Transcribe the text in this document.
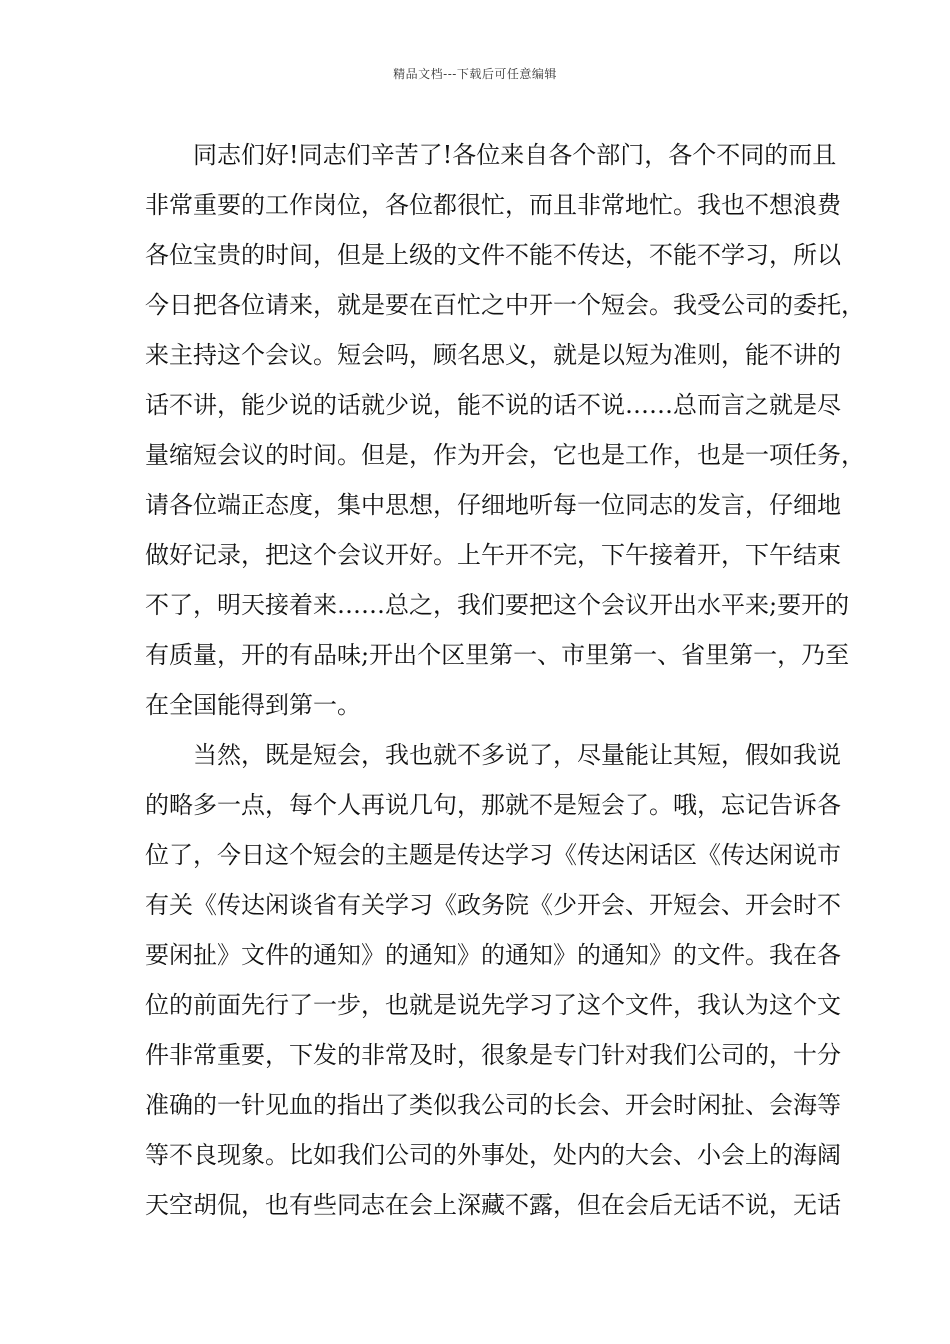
精品文档---下载后可任意编辑
同志们好!同志们辛苦了!各位来自各个部门，各个不同的而且
非常重要的工作岗位，各位都很忙，而且非常地忙。我也不想浪费
各位宝贵的时间，但是上级的文件不能不传达，不能不学习，所以
今日把各位请来，就是要在百忙之中开一个短会。我受公司的委托，
来主持这个会议。短会吗，顾名思义，就是以短为准则，能不讲的
话不讲，能少说的话就少说，能不说的话不说……总而言之就是尽
量缩短会议的时间。但是，作为开会，它也是工作，也是一项任务，
请各位端正态度，集中思想，仔细地听每一位同志的发言，仔细地
做好记录，把这个会议开好。上午开不完，下午接着开，下午结束
不了，明天接着来……总之，我们要把这个会议开出水平来;要开的
有质量，开的有品味;开出个区里第一、市里第一、省里第一，乃至
在全国能得到第一。
当然，既是短会，我也就不多说了，尽量能让其短，假如我说
的略多一点，每个人再说几句，那就不是短会了。哦，忘记告诉各
位了，今日这个短会的主题是传达学习《传达闲话区《传达闲说市
有关《传达闲谈省有关学习《政务院《少开会、开短会、开会时不
要闲扯》文件的通知》的通知》的通知》的通知》的文件。我在各
位的前面先行了一步，也就是说先学习了这个文件，我认为这个文
件非常重要，下发的非常及时，很象是专门针对我们公司的，十分
准确的一针见血的指出了类似我公司的长会、开会时闲扯、会海等
等不良现象。比如我们公司的外事处，处内的大会、小会上的海阔
天空胡侃，也有些同志在会上深藏不露，但在会后无话不说，无话
